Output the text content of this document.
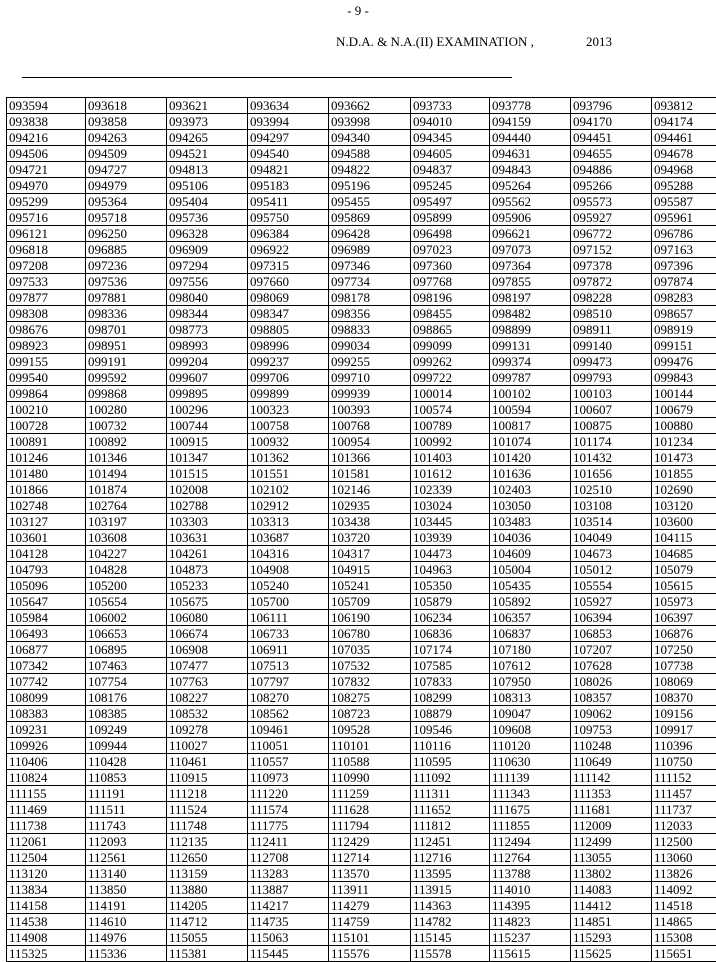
- 9 -
N.D.A. & N.A.(II) EXAMINATION ,	2013
093594	093618	093621	093634	093662	093733	093778	093796	093812
093838	093858	093973	093994	093998	094010	094159	094170	094174
094216	094263	094265	094297	094340	094345	094440	094451	094461
094506	094509	094521	094540	094588	094605	094631	094655	094678
094721	094727	094813	094821	094822	094837	094843	094886	094968
094970	094979	095106	095183	095196	095245	095264	095266	095288
095299	095364	095404	095411	095455	095497	095562	095573	095587
095716	095718	095736	095750	095869	095899	095906	095927	095961
096121	096250	096328	096384	096428	096498	096621	096772	096786
096818	096885	096909	096922	096989	097023	097073	097152	097163
097208	097236	097294	097315	097346	097360	097364	097378	097396
097533	097536	097556	097660	097734	097768	097855	097872	097874
097877	097881	098040	098069	098178	098196	098197	098228	098283
098308	098336	098344	098347	098356	098455	098482	098510	098657
098676	098701	098773	098805	098833	098865	098899	098911	098919
098923	098951	098993	098996	099034	099099	099131	099140	099151
099155	099191	099204	099237	099255	099262	099374	099473	099476
099540	099592	099607	099706	099710	099722	099787	099793	099843
099864	099868	099895	099899	099939	100014	100102	100103	100144
100210	100280	100296	100323	100393	100574	100594	100607	100679
100728	100732	100744	100758	100768	100789	100817	100875	100880
100891	100892	100915	100932	100954	100992	101074	101174	101234
101246	101346	101347	101362	101366	101403	101420	101432	101473
101480	101494	101515	101551	101581	101612	101636	101656	101855
101866	101874	102008	102102	102146	102339	102403	102510	102690
102748	102764	102788	102912	102935	103024	103050	103108	103120
103127	103197	103303	103313	103438	103445	103483	103514	103600
103601	103608	103631	103687	103720	103939	104036	104049	104115
104128	104227	104261	104316	104317	104473	104609	104673	104685
104793	104828	104873	104908	104915	104963	105004	105012	105079
105096	105200	105233	105240	105241	105350	105435	105554	105615
105647	105654	105675	105700	105709	105879	105892	105927	105973
105984	106002	106080	106111	106190	106234	106357	106394	106397
106493	106653	106674	106733	106780	106836	106837	106853	106876
106877	106895	106908	106911	107035	107174	107180	107207	107250
107342	107463	107477	107513	107532	107585	107612	107628	107738
107742	107754	107763	107797	107832	107833	107950	108026	108069
108099	108176	108227	108270	108275	108299	108313	108357	108370
108383	108385	108532	108562	108723	108879	109047	109062	109156
109231	109249	109278	109461	109528	109546	109608	109753	109917
109926	109944	110027	110051	110101	110116	110120	110248	110396
110406	110428	110461	110557	110588	110595	110630	110649	110750
110824	110853	110915	110973	110990	111092	111139	111142	111152
111155	111191	111218	111220	111259	111311	111343	111353	111457
111469	111511	111524	111574	111628	111652	111675	111681	111737
111738	111743	111748	111775	111794	111812	111855	112009	112033
112061	112093	112135	112411	112429	112451	112494	112499	112500
112504	112561	112650	112708	112714	112716	112764	113055	113060
113120	113140	113159	113283	113570	113595	113788	113802	113826
113834	113850	113880	113887	113911	113915	114010	114083	114092
114158	114191	114205	114217	114279	114363	114395	114412	114518
114538	114610	114712	114735	114759	114782	114823	114851	114865
114908	114976	115055	115063	115101	115145	115237	115293	115308
115325	115336	115381	115445	115576	115578	115615	115625	115651
